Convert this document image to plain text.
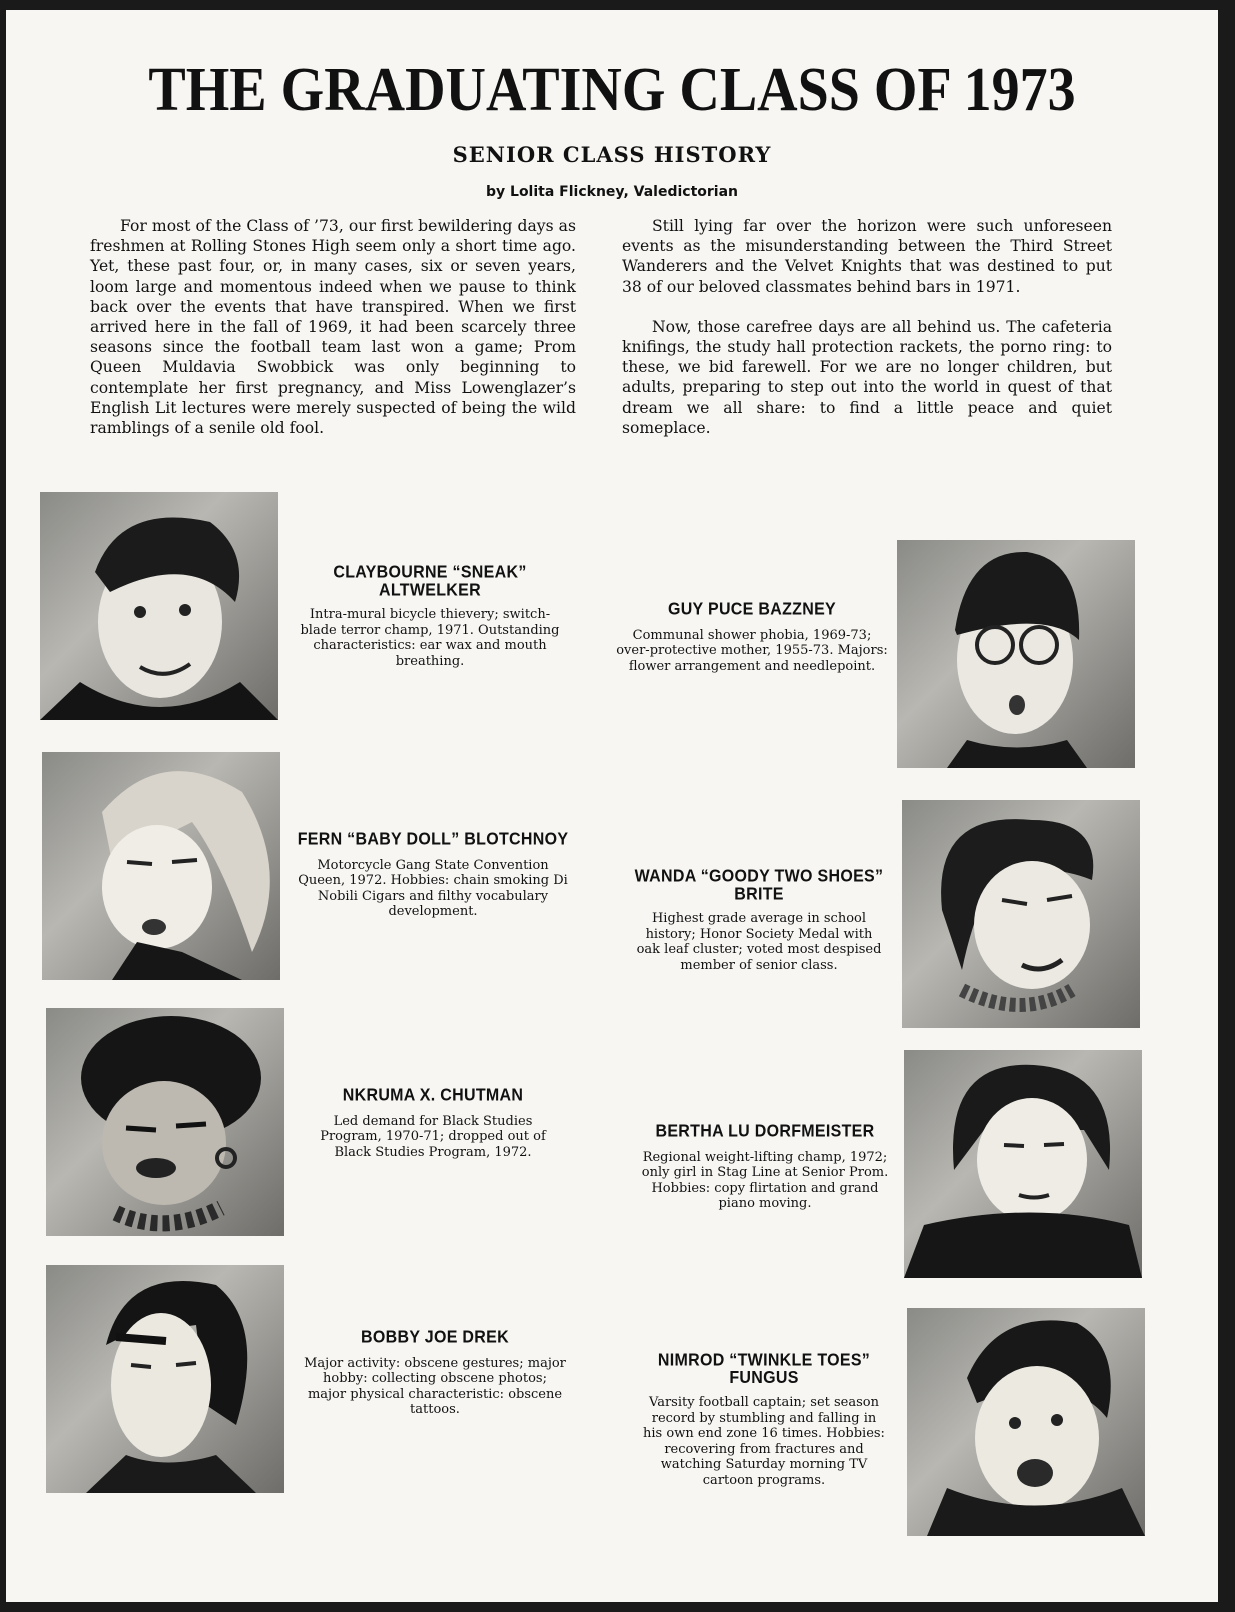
THE GRADUATING CLASS OF 1973
SENIOR CLASS HISTORY
by Lolita Flickney, Valedictorian

For most of the Class of ’73, our first bewildering days as freshmen at Rolling Stones High seem only a short time ago. Yet, these past four, or, in many cases, six or seven years, loom large and momentous indeed when we pause to think back over the events that have transpired. When we first arrived here in the fall of 1969, it had been scarcely three seasons since the football team last won a game; Prom Queen Muldavia Swobbick was only beginning to contemplate her first pregnancy, and Miss Lowenglazer’s English Lit lectures were merely suspected of being the wild ramblings of a senile old fool.

Still lying far over the horizon were such unforeseen events as the misunderstanding between the Third Street Wanderers and the Velvet Knights that was destined to put 38 of our beloved classmates behind bars in 1971.

Now, those carefree days are all behind us. The cafeteria knifings, the study hall protection rackets, the porno ring: to these, we bid farewell. For we are no longer children, but adults, preparing to step out into the world in quest of that dream we all share: to find a little peace and quiet someplace.

CLAYBOURNE “SNEAK” ALTWELKER
Intra-mural bicycle thievery; switch-blade terror champ, 1971. Outstanding characteristics: ear wax and mouth breathing.
GUY PUCE BAZZNEY
Communal shower phobia, 1969-73; over-protective mother, 1955-73. Majors: flower arrangement and needlepoint.
FERN “BABY DOLL” BLOTCHNOY
Motorcycle Gang State Convention Queen, 1972. Hobbies: chain smoking Di Nobili Cigars and filthy vocabulary development.
WANDA “GOODY TWO SHOES” BRITE
Highest grade average in school history; Honor Society Medal with oak leaf cluster; voted most despised member of senior class.
NKRUMA X. CHUTMAN
Led demand for Black Studies Program, 1970-71; dropped out of Black Studies Program, 1972.
BERTHA LU DORFMEISTER
Regional weight-lifting champ, 1972; only girl in Stag Line at Senior Prom. Hobbies: copy flirtation and grand piano moving.
BOBBY JOE DREK
Major activity: obscene gestures; major hobby: collecting obscene photos; major physical characteristic: obscene tattoos.
NIMROD “TWINKLE TOES” FUNGUS
Varsity football captain; set season record by stumbling and falling in his own end zone 16 times. Hobbies: recovering from fractures and watching Saturday morning TV cartoon programs.
